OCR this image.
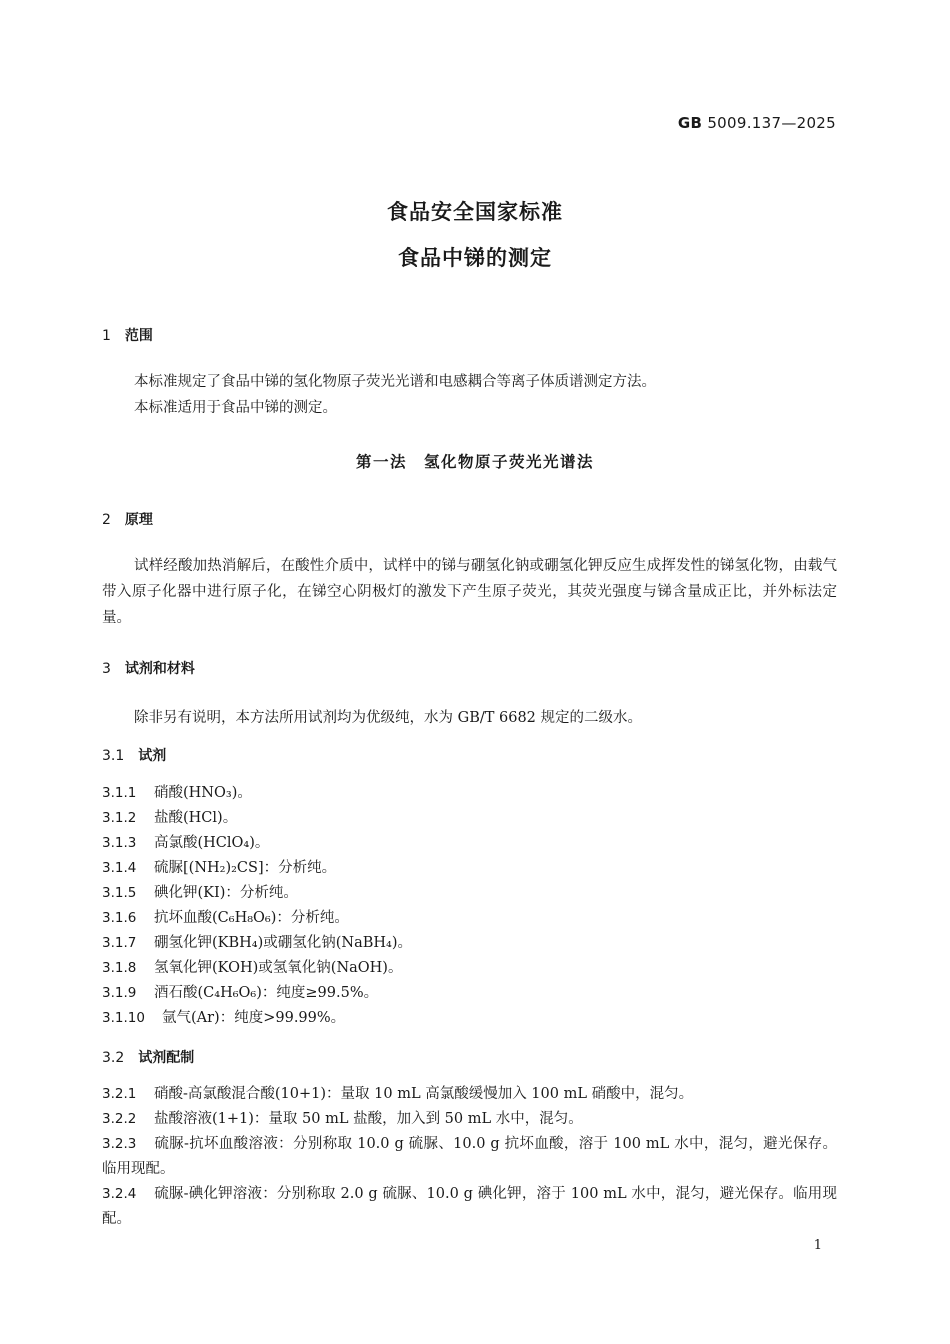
GB 5009.137—2025
食品安全国家标准
食品中锑的测定
1 范围
本标准规定了食品中锑的氢化物原子荧光光谱和电感耦合等离子体质谱测定方法。
本标准适用于食品中锑的测定。
第一法　氢化物原子荧光光谱法
2 原理
试样经酸加热消解后，在酸性介质中，试样中的锑与硼氢化钠或硼氢化钾反应生成挥发性的锑氢化物，由载气带入原子化器中进行原子化，在锑空心阴极灯的激发下产生原子荧光，其荧光强度与锑含量成正比，并外标法定量。
3 试剂和材料
除非另有说明，本方法所用试剂均为优级纯，水为 GB/T 6682 规定的二级水。
3.1 试剂
3.1.1 硝酸(HNO₃)。
3.1.2 盐酸(HCl)。
3.1.3 高氯酸(HClO₄)。
3.1.4 硫脲[(NH₂)₂CS]：分析纯。
3.1.5 碘化钾(KI)：分析纯。
3.1.6 抗坏血酸(C₆H₈O₆)：分析纯。
3.1.7 硼氢化钾(KBH₄)或硼氢化钠(NaBH₄)。
3.1.8 氢氧化钾(KOH)或氢氧化钠(NaOH)。
3.1.9 酒石酸(C₄H₆O₆)：纯度≥99.5%。
3.1.10 氩气(Ar)：纯度>99.99%。
3.2 试剂配制
3.2.1 硝酸-高氯酸混合酸(10+1)：量取 10 mL 高氯酸缓慢加入 100 mL 硝酸中，混匀。
3.2.2 盐酸溶液(1+1)：量取 50 mL 盐酸，加入到 50 mL 水中，混匀。
3.2.3 硫脲-抗坏血酸溶液：分别称取 10.0 g 硫脲、10.0 g 抗坏血酸，溶于 100 mL 水中，混匀，避光保存。临用现配。
3.2.4 硫脲-碘化钾溶液：分别称取 2.0 g 硫脲、10.0 g 碘化钾，溶于 100 mL 水中，混匀，避光保存。临用现配。
1
